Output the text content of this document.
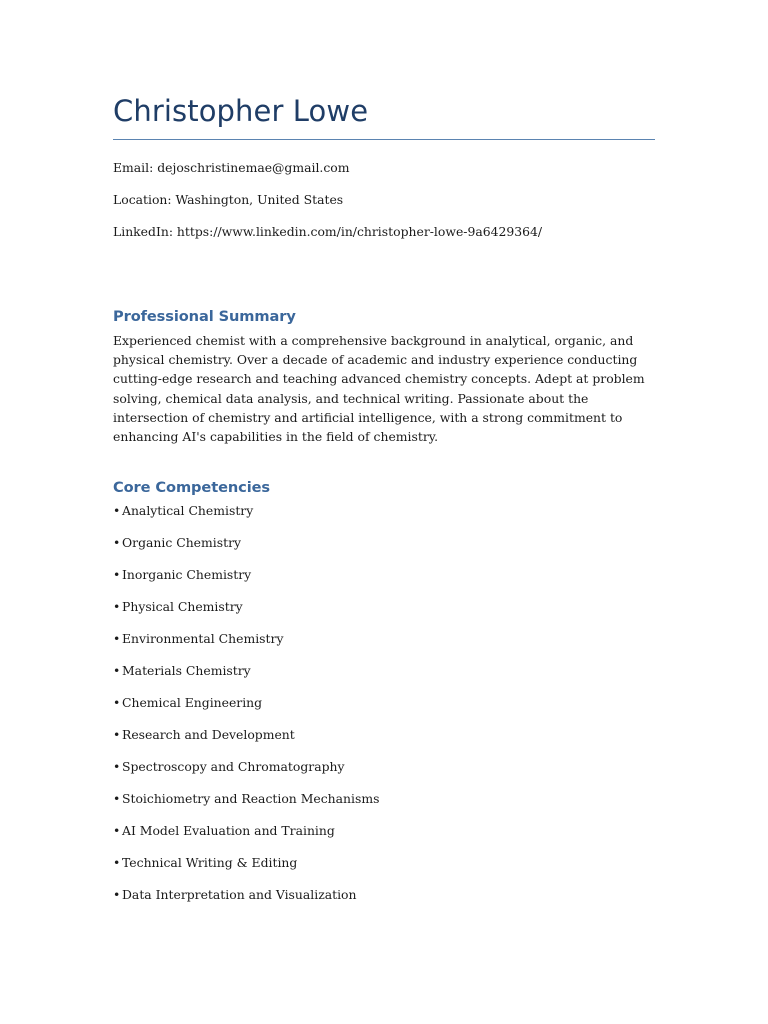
Christopher Lowe
Email: dejoschristinemae@gmail.com
Location: Washington, United States
LinkedIn: https://www.linkedin.com/in/christopher-lowe-9a6429364/
Professional Summary

Experienced chemist with a comprehensive background in analytical, organic, and physical chemistry. Over a decade of academic and industry experience conducting cutting-edge research and teaching advanced chemistry concepts. Adept at problem solving, chemical data analysis, and technical writing. Passionate about the intersection of chemistry and artificial intelligence, with a strong commitment to enhancing AI's capabilities in the field of chemistry.

Core Competencies
• Analytical Chemistry
• Organic Chemistry
• Inorganic Chemistry
• Physical Chemistry
• Environmental Chemistry
• Materials Chemistry
• Chemical Engineering
• Research and Development
• Spectroscopy and Chromatography
• Stoichiometry and Reaction Mechanisms
• AI Model Evaluation and Training
• Technical Writing & Editing
• Data Interpretation and Visualization
